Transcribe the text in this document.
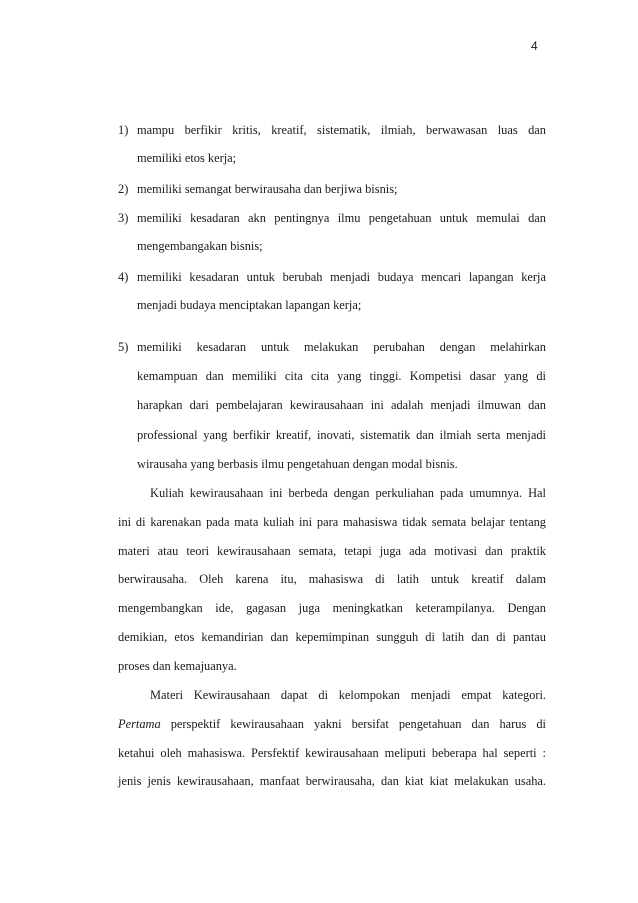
4
1) mampu berfikir kritis, kreatif, sistematik, ilmiah, berwawasan luas dan
memiliki etos kerja;
2) memiliki semangat berwirausaha dan berjiwa bisnis;
3) memiliki kesadaran akn pentingnya ilmu pengetahuan untuk memulai dan
mengembangakan bisnis;
4) memiliki kesadaran untuk berubah menjadi budaya mencari lapangan kerja
menjadi budaya menciptakan lapangan kerja;
5) memiliki kesadaran untuk melakukan perubahan dengan melahirkan
kemampuan dan memiliki cita cita yang tinggi. Kompetisi dasar yang di
harapkan dari pembelajaran kewirausahaan ini adalah menjadi ilmuwan dan
professional yang berfikir kreatif, inovati, sistematik dan ilmiah serta menjadi
wirausaha yang berbasis ilmu pengetahuan dengan modal bisnis.
Kuliah kewirausahaan ini berbeda dengan perkuliahan pada umumnya. Hal
ini di karenakan pada mata kuliah ini para mahasiswa tidak semata belajar tentang
materi atau teori kewirausahaan semata, tetapi juga ada motivasi dan praktik
berwirausaha. Oleh karena itu, mahasiswa di latih untuk kreatif dalam
mengembangkan ide, gagasan juga meningkatkan keterampilanya. Dengan
demikian, etos kemandirian dan kepemimpinan sungguh di latih dan di pantau
proses dan kemajuanya.
Materi Kewirausahaan dapat di kelompokan menjadi empat kategori.
Pertama perspektif kewirausahaan yakni bersifat pengetahuan dan harus di
ketahui oleh mahasiswa. Persfektif kewirausahaan meliputi beberapa hal seperti :
jenis jenis kewirausahaan, manfaat berwirausaha, dan kiat kiat melakukan usaha.
